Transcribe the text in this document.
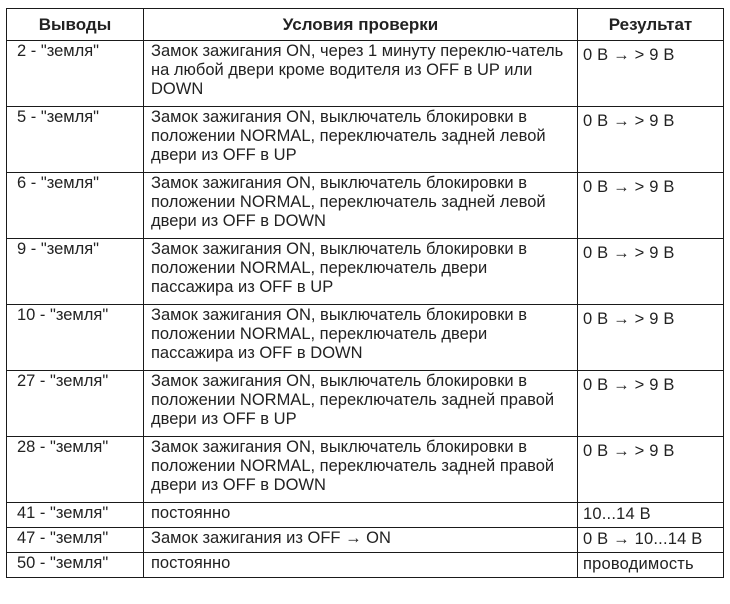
Выводы	Условия проверки	Результат
2 - "земля"	Замок зажигания ON, через 1 минуту переклю-чатель на любой двери кроме водителя из OFF в UP или DOWN	0 В → > 9 В
5 - "земля"	Замок зажигания ON, выключатель блокировки в положении NORMAL, переключатель задней левой двери из OFF в UP	0 В → > 9 В
6 - "земля"	Замок зажигания ON, выключатель блокировки в положении NORMAL, переключатель задней левой двери из OFF в DOWN	0 В → > 9 В
9 - "земля"	Замок зажигания ON, выключатель блокировки в положении NORMAL, переключатель двери пассажира из OFF в UP	0 В → > 9 В
10 - "земля"	Замок зажигания ON, выключатель блокировки в положении NORMAL, переключатель двери пассажира из OFF в DOWN	0 В → > 9 В
27 - "земля"	Замок зажигания ON, выключатель блокировки в положении NORMAL, переключатель задней правой двери из OFF в UP	0 В → > 9 В
28 - "земля"	Замок зажигания ON, выключатель блокировки в положении NORMAL, переключатель задней правой двери из OFF в DOWN	0 В → > 9 В
41 - "земля"	постоянно	10...14 В
47 - "земля"	Замок зажигания из OFF → ON	0 В → 10...14 В
50 - "земля"	постоянно	проводимость
